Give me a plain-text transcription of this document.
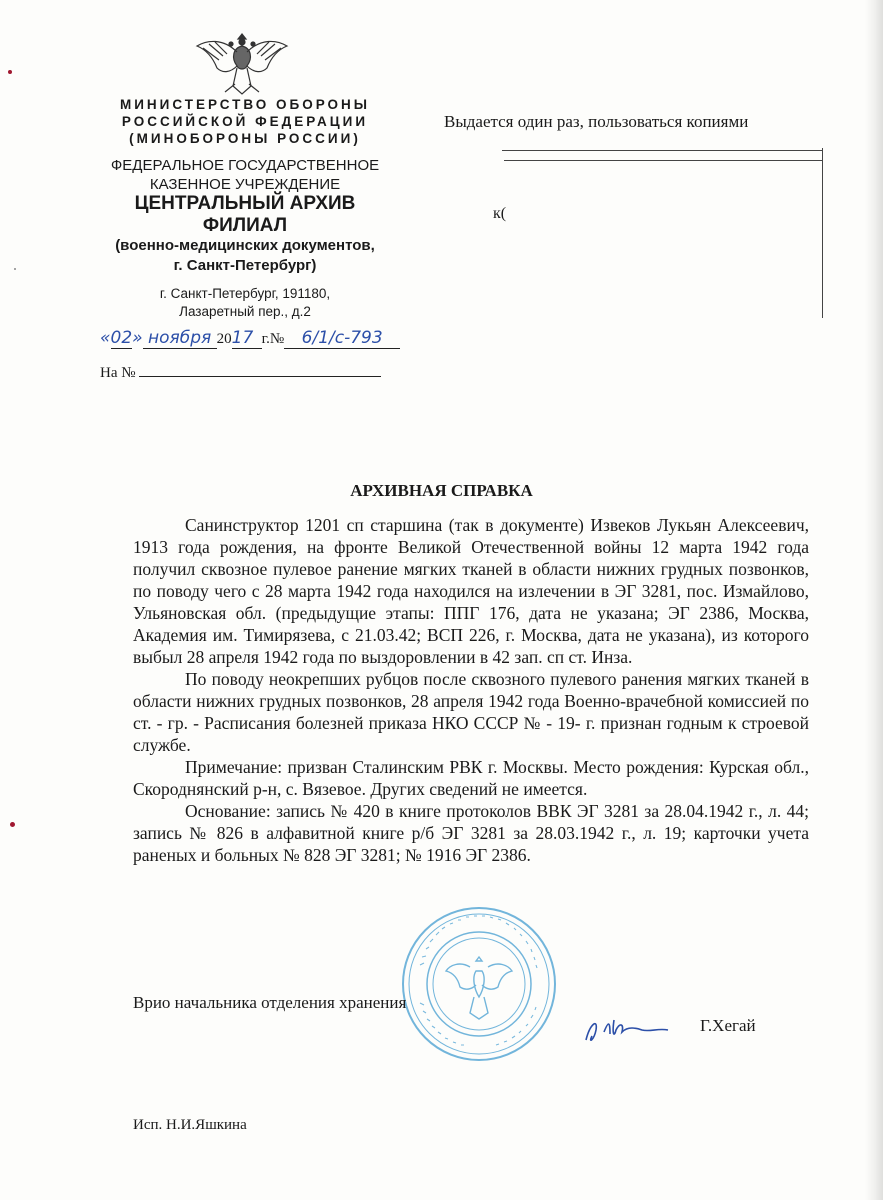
МИНИСТЕРСТВО ОБОРОНЫ
РОССИЙСКОЙ ФЕДЕРАЦИИ
(МИНОБОРОНЫ РОССИИ)
ФЕДЕРАЛЬНОЕ ГОСУДАРСТВЕННОЕ
КАЗЕННОЕ УЧРЕЖДЕНИЕ
ЦЕНТРАЛЬНЫЙ АРХИВ
ФИЛИАЛ
(военно-медицинских документов,
г. Санкт-Петербург)
г. Санкт-Петербург, 191180,
Лазаретный пер., д.2
«02» ноября 2017 г.№ 6/1/с-793
На №
Выдается один раз, пользоваться копиями
к(
АРХИВНАЯ СПРАВКА

Санинструктор 1201 сп старшина (так в документе) Извеков Лукьян Алексеевич, 1913 года рождения, на фронте Великой Отечественной войны 12 марта 1942 года получил сквозное пулевое ранение мягких тканей в области нижних грудных позвонков, по поводу чего с 28 марта 1942 года находился на излечении в ЭГ 3281, пос. Измайлово, Ульяновская обл. (предыдущие этапы: ППГ 176, дата не указана; ЭГ 2386, Москва, Академия им. Тимирязева, с 21.03.42; ВСП 226, г. Москва, дата не указана), из которого выбыл 28 апреля 1942 года по выздоровлении в 42 зап. сп ст. Инза.

По поводу неокрепших рубцов после сквозного пулевого ранения мягких тканей в области нижних грудных позвонков, 28 апреля 1942 года Военно-врачебной комиссией по ст. - гр. - Расписания болезней приказа НКО СССР № - 19- г. признан годным к строевой службе.

Примечание: призван Сталинским РВК г. Москвы. Место рождения: Курская обл., Скороднянский р-н, с. Вязевое. Других сведений не имеется.

Основание: запись № 420 в книге протоколов ВВК ЭГ 3281 за 28.04.1942 г., л. 44; запись № 826 в алфавитной книге р/б ЭГ 3281 за 28.03.1942 г., л. 19; карточки учета раненых и больных № 828 ЭГ 3281; № 1916 ЭГ 2386.

Врио начальника отделения хранения
Г.Хегай
Исп. Н.И.Яшкина
